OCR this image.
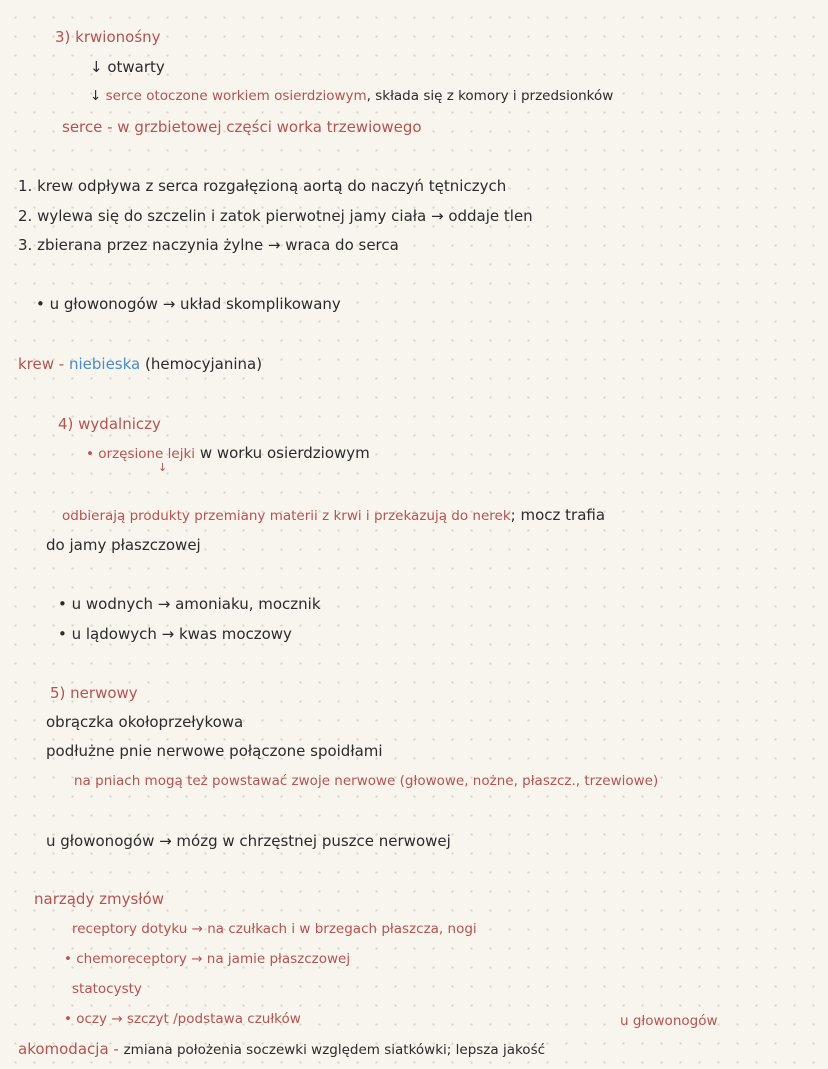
3) krwionośny
↓ otwarty
↓ serce otoczone workiem osierdziowym, składa się z komory i przedsionków
serce - w grzbietowej części worka trzewiowego
1. krew odpływa z serca rozgałęzioną aortą do naczyń tętniczych
2. wylewa się do szczelin i zatok pierwotnej jamy ciała → oddaje tlen
3. zbierana przez naczynia żylne → wraca do serca
• u głowonogów → układ skomplikowany
krew - niebieska (hemocyjanina)
4) wydalniczy
• orzęsione lejki w worku osierdziowym
↓
odbierają produkty przemiany materii z krwi i przekazują do nerek; mocz trafia
do jamy płaszczowej
• u wodnych → amoniaku, mocznik
• u lądowych → kwas moczowy
5) nerwowy
obrączka okołoprzełykowa
podłużne pnie nerwowe połączone spoidłami
na pniach mogą też powstawać zwoje nerwowe (głowowe, nożne, płaszcz., trzewiowe)
u głowonogów → mózg w chrzęstnej puszce nerwowej
narządy zmysłów
receptory dotyku → na czułkach i w brzegach płaszcza, nogi
• chemoreceptory → na jamie płaszczowej
statocysty
• oczy → szczyt /podstawa czułków	u głowonogów
akomodacja - zmiana położenia soczewki względem siatkówki; lepsza jakość
